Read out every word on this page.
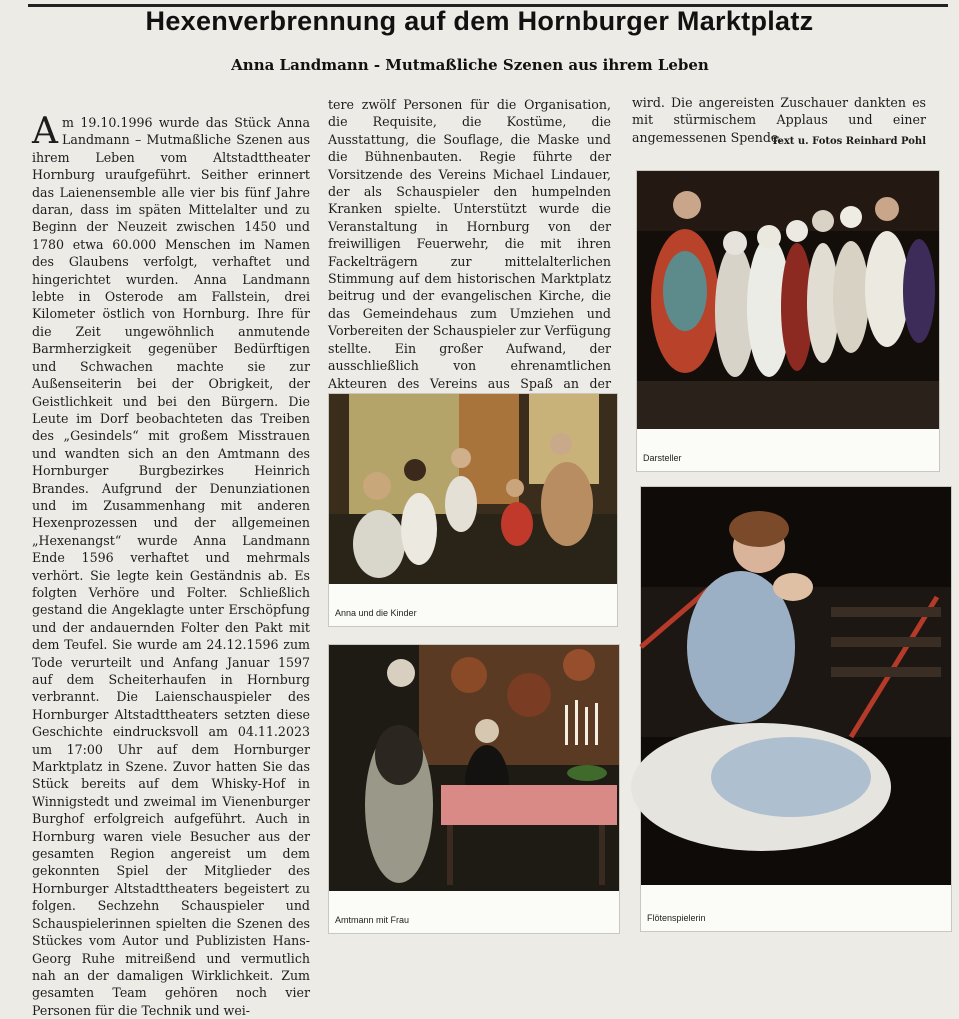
Hexenverbrennung auf dem Hornburger Marktplatz
Anna Landmann - Mutmaßliche Szenen aus ihrem Leben
Am 19.10.1996 wurde das Stück Anna Landmann – Mutmaßliche Szenen aus ihrem Leben vom Altstadttheater Hornburg uraufgeführt. Seither erinnert das Laienensemble alle vier bis fünf Jahre daran, dass im späten Mittelalter und zu Beginn der Neuzeit zwischen 1450 und 1780 etwa 60.000 Menschen im Namen des Glaubens verfolgt, verhaftet und hingerichtet wurden. Anna Landmann lebte in Osterode am Fallstein, drei Kilometer östlich von Hornburg. Ihre für die Zeit ungewöhnlich anmutende Barmherzigkeit gegenüber Bedürftigen und Schwachen machte sie zur Außenseiterin bei der Obrigkeit, der Geistlichkeit und bei den Bürgern. Die Leute im Dorf beobachteten das Treiben des „Gesindels“ mit großem Misstrauen und wandten sich an den Amtmann des Hornburger Burgbezirkes Heinrich Brandes. Aufgrund der Denunziationen und im Zusammenhang mit anderen Hexenprozessen und der allgemeinen „Hexenangst“ wurde Anna Landmann Ende 1596 verhaftet und mehrmals verhört. Sie legte kein Geständnis ab. Es folgten Verhöre und Folter. Schließlich gestand die Angeklagte unter Erschöpfung und der andauernden Folter den Pakt mit dem Teufel. Sie wurde am 24.12.1596 zum Tode verurteilt und Anfang Januar 1597 auf dem Scheiterhaufen in Hornburg verbrannt. Die Laienschauspieler des Hornburger Altstadttheaters setzten diese Geschichte eindrucksvoll am 04.11.2023 um 17:00 Uhr auf dem Hornburger Marktplatz in Szene. Zuvor hatten Sie das Stück bereits auf dem Whisky-Hof in Winnigstedt und zweimal im Vienenburger Burghof erfolgreich aufgeführt. Auch in Hornburg waren viele Besucher aus der gesamten Region angereist um dem gekonnten Spiel der Mitglieder des Hornburger Altstadttheaters begeistert zu folgen. Sechzehn Schauspieler und Schauspielerinnen spielten die Szenen des Stückes vom Autor und Publizisten Hans-Georg Ruhe mitreißend und vermutlich nah an der damaligen Wirklichkeit. Zum gesamten Team gehören noch vier Personen für die Technik und wei-
tere zwölf Personen für die Organisation, die Requisite, die Kostüme, die Ausstattung, die Souflage, die Maske und die Bühnenbauten. Regie führte der Vorsitzende des Vereins Michael Lindauer, der als Schauspieler den humpelnden Kranken spielte. Unterstützt wurde die Veranstaltung in Hornburg von der freiwilligen Feuerwehr, die mit ihren Fackelträgern zur mittelalterlichen Stimmung auf dem historischen Marktplatz beitrug und der evangelischen Kirche, die das Gemeindehaus zum Umziehen und Vorbereiten der Schauspieler zur Verfügung stellte. Ein großer Aufwand, der ausschließlich von ehrenamtlichen Akteuren des Vereins aus Spaß an der
wird. Die angereisten Zuschauer dankten es mit stürmischem Applaus und einer angemessenen Spende.
Text u. Fotos Reinhard Pohl
Anna und die Kinder
Amtmann mit Frau
Darsteller
Flötenspielerin
